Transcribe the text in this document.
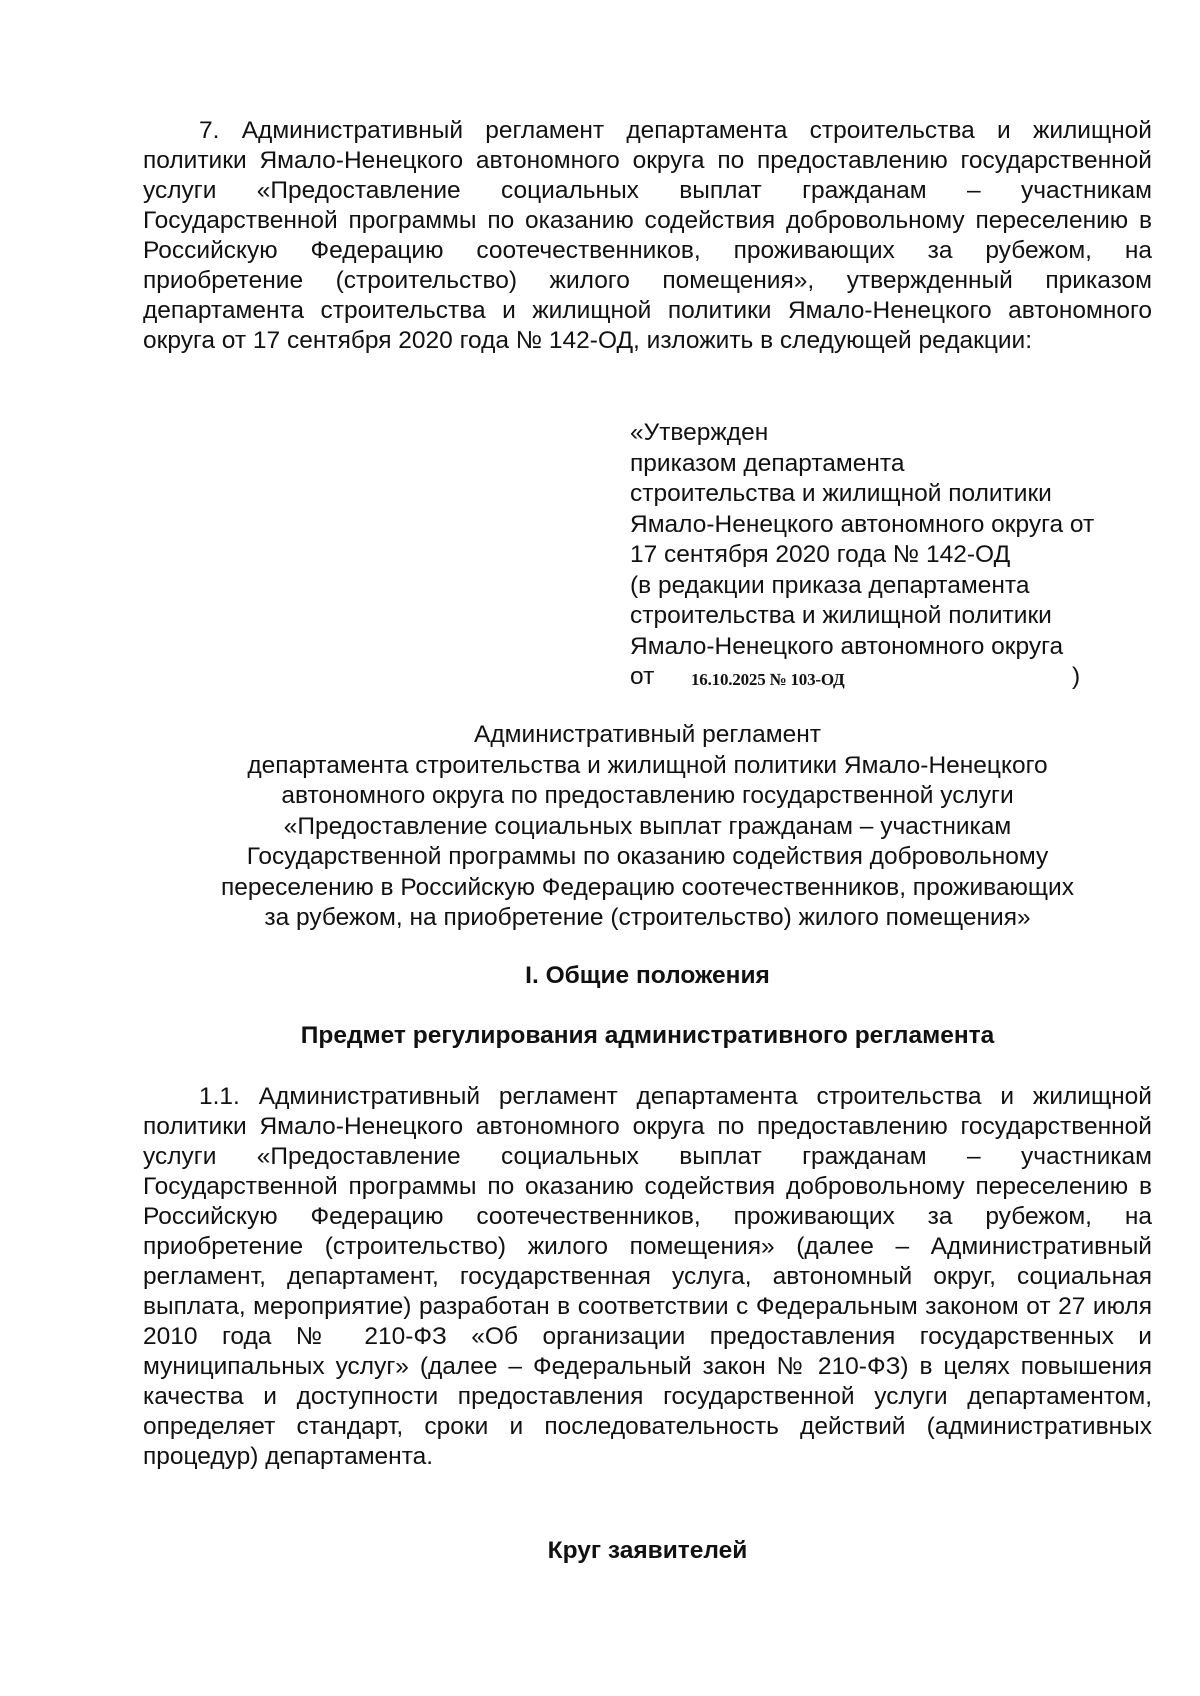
7. Административный регламент департамента строительства и жилищной политики Ямало-Ненецкого автономного округа по предоставлению государственной услуги «Предоставление социальных выплат гражданам – участникам Государственной программы по оказанию содействия добровольному переселению в Российскую Федерацию соотечественников, проживающих за рубежом, на приобретение (строительство) жилого помещения», утвержденный приказом департамента строительства и жилищной политики Ямало-Ненецкого автономного округа от 17 сентября 2020 года № 142-ОД, изложить в следующей редакции:

«Утвержден
приказом департамента
строительства и жилищной политики
Ямало-Ненецкого автономного округа от
17 сентября 2020 года № 142-ОД
(в редакции приказа департамента
строительства и жилищной политики
Ямало-Ненецкого автономного округа
от 16.10.2025 № 103-ОД	)
Административный регламент
департамента строительства и жилищной политики Ямало-Ненецкого
автономного округа по предоставлению государственной услуги
«Предоставление социальных выплат гражданам – участникам
Государственной программы по оказанию содействия добровольному
переселению в Российскую Федерацию соотечественников, проживающих
за рубежом, на приобретение (строительство) жилого помещения»
I. Общие положения
Предмет регулирования административного регламента

1.1. Административный регламент департамента строительства и жилищной политики Ямало-Ненецкого автономного округа по предоставлению государственной услуги «Предоставление социальных выплат гражданам – участникам Государственной программы по оказанию содействия добровольному переселению в Российскую Федерацию соотечественников, проживающих за рубежом, на приобретение (строительство) жилого помещения» (далее – Административный регламент, департамент, государственная услуга, автономный округ, социальная выплата, мероприятие) разработан в соответствии с Федеральным законом от 27 июля 2010 года № 210-ФЗ «Об организации предоставления государственных и муниципальных услуг» (далее – Федеральный закон № 210-ФЗ) в целях повышения качества и доступности предоставления государственной услуги департаментом, определяет стандарт, сроки и последовательность действий (административных процедур) департамента.

Круг заявителей
